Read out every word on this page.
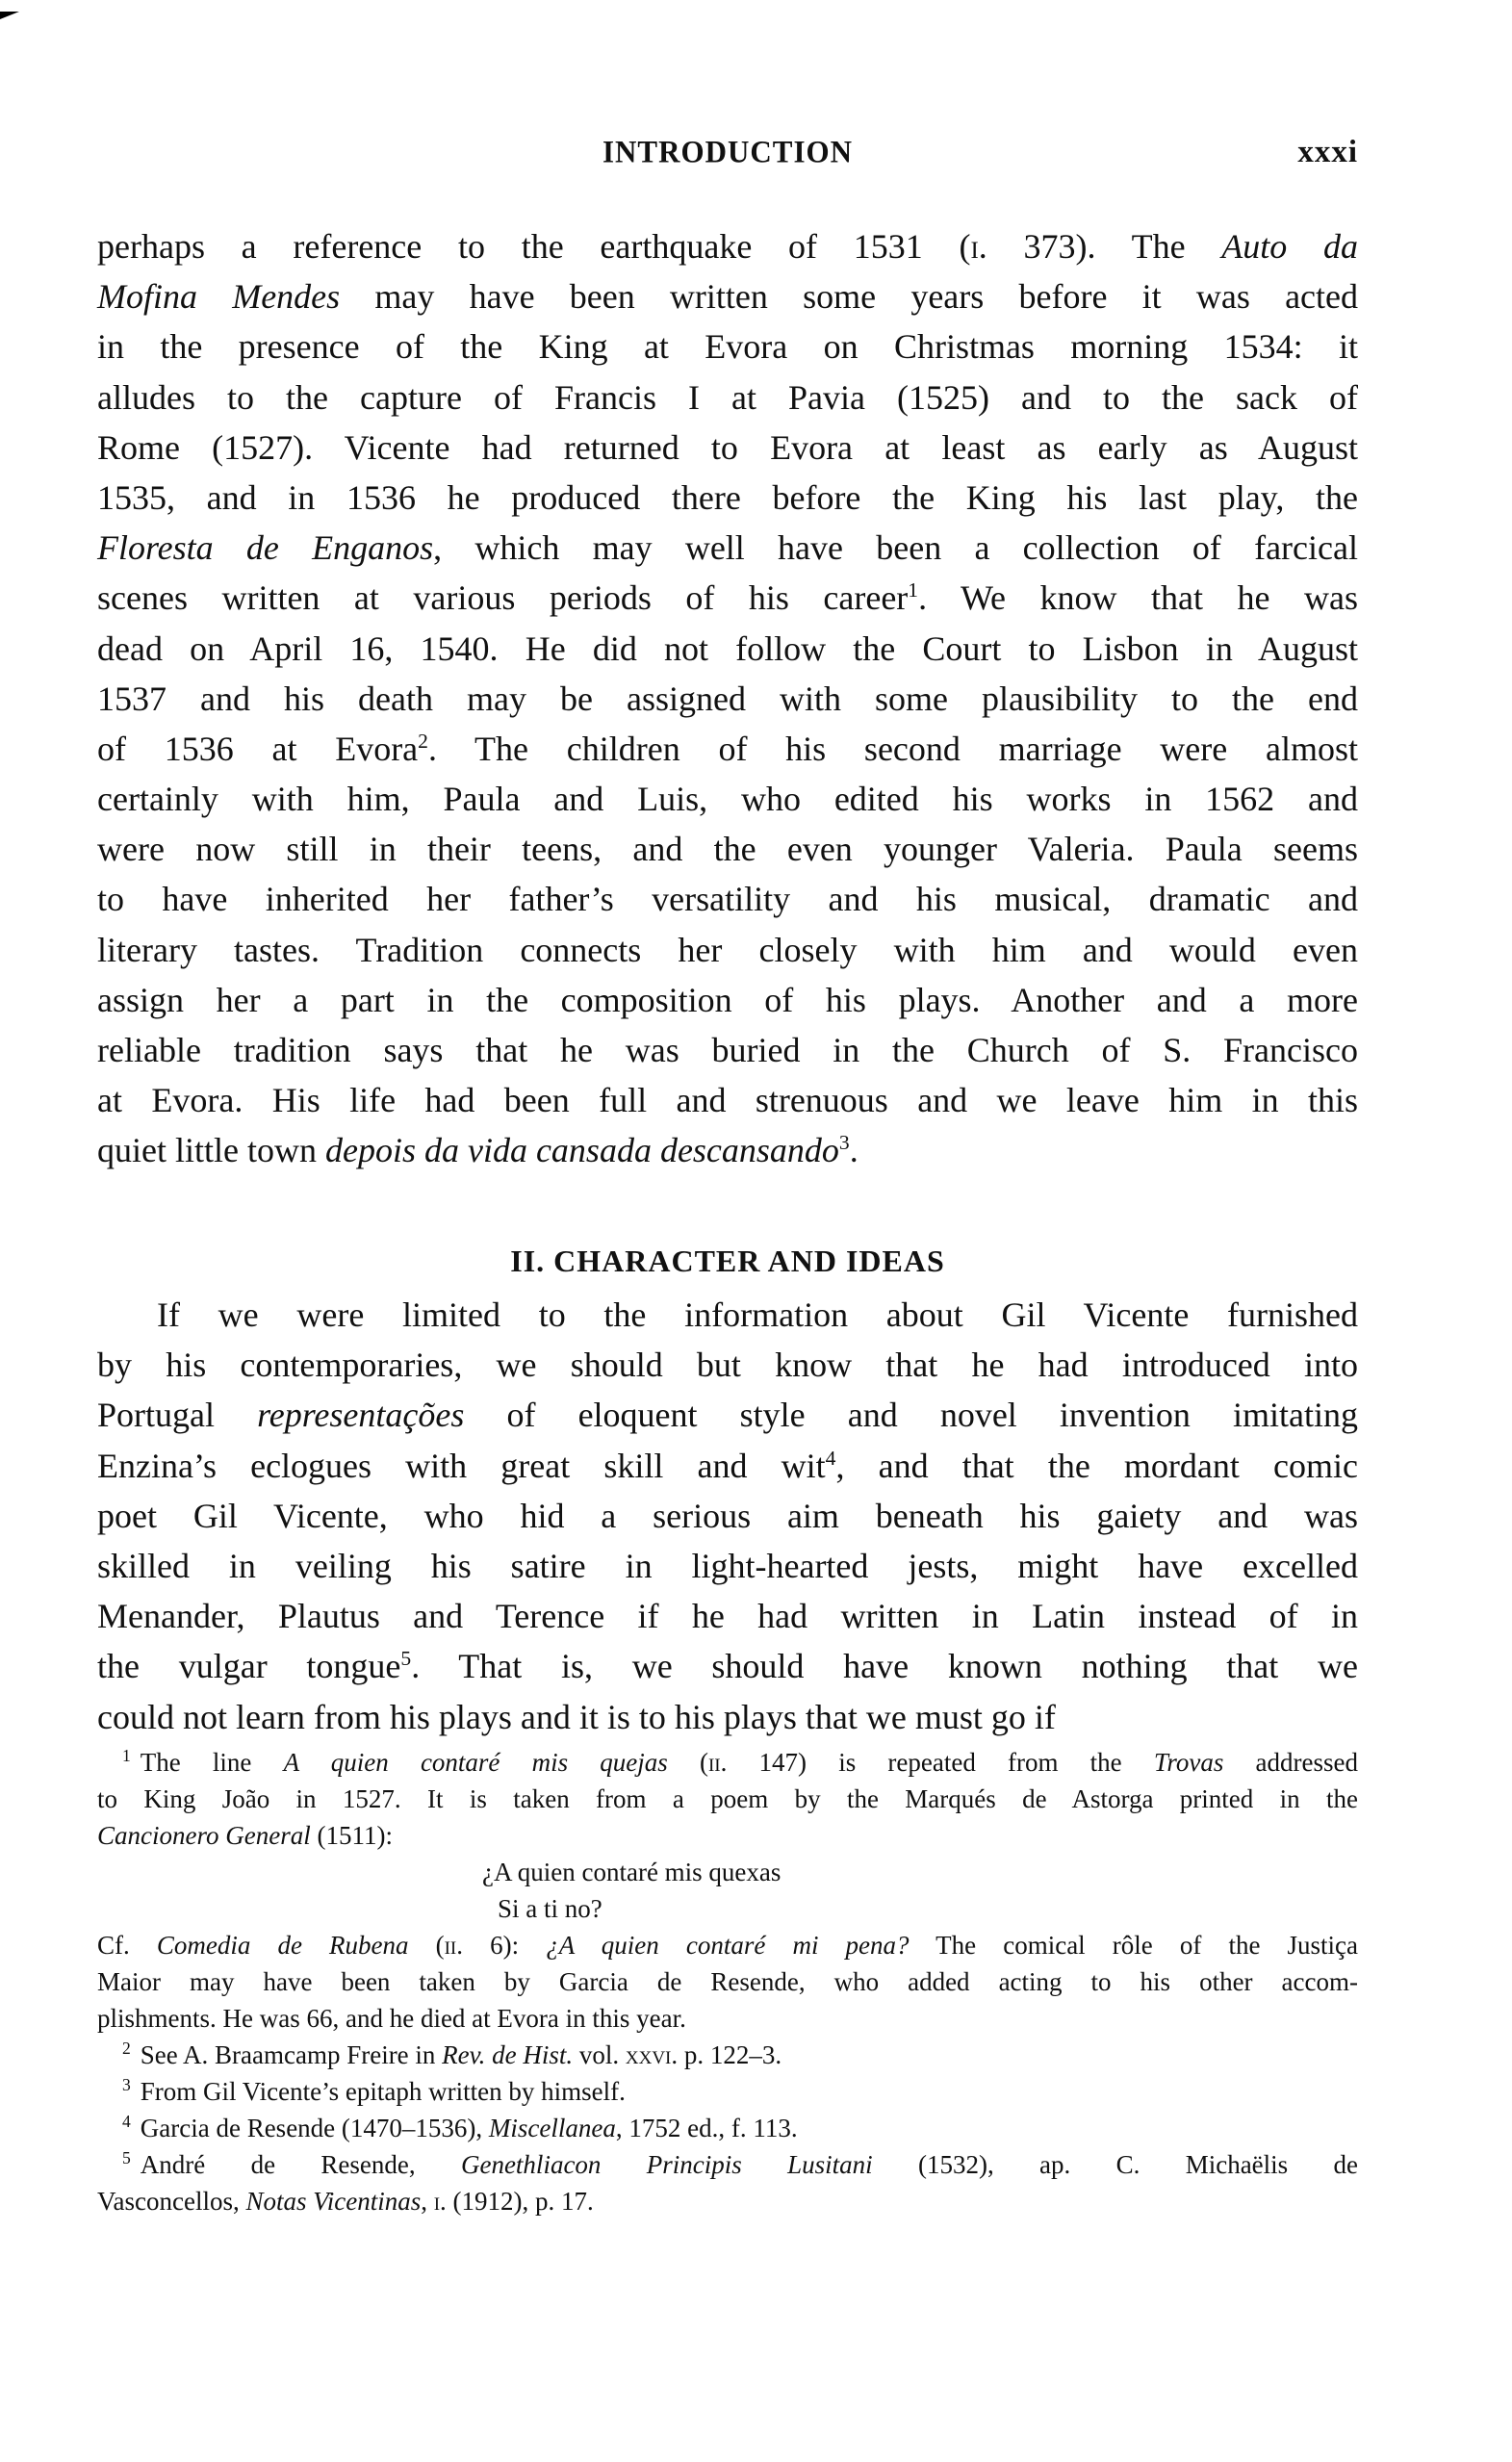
INTRODUCTION	xxxi
perhaps a reference to the earthquake of 1531 (i. 373). The Auto da
Mofina Mendes may have been written some years before it was acted
in the presence of the King at Evora on Christmas morning 1534: it
alludes to the capture of Francis I at Pavia (1525) and to the sack of
Rome (1527). Vicente had returned to Evora at least as early as August
1535, and in 1536 he produced there before the King his last play, the
Floresta de Enganos, which may well have been a collection of farcical
scenes written at various periods of his career$^1$. We know that he was
dead on April 16, 1540. He did not follow the Court to Lisbon in August
1537 and his death may be assigned with some plausibility to the end
of 1536 at Evora$^2$. The children of his second marriage were almost
certainly with him, Paula and Luis, who edited his works in 1562 and
were now still in their teens, and the even younger Valeria. Paula seems
to have inherited her father’s versatility and his musical, dramatic and
literary tastes. Tradition connects her closely with him and would even
assign her a part in the composition of his plays. Another and a more
reliable tradition says that he was buried in the Church of S. Francisco
at Evora. His life had been full and strenuous and we leave him in this
quiet little town depois da vida cansada descansando$^3$.
II. CHARACTER AND IDEAS
If we were limited to the information about Gil Vicente furnished
by his contemporaries, we should but know that he had introduced into
Portugal representações of eloquent style and novel invention imitating
Enzina’s eclogues with great skill and wit$^4$, and that the mordant comic
poet Gil Vicente, who hid a serious aim beneath his gaiety and was
skilled in veiling his satire in light-hearted jests, might have excelled
Menander, Plautus and Terence if he had written in Latin instead of in
the vulgar tongue$^5$. That is, we should have known nothing that we
could not learn from his plays and it is to his plays that we must go if
$^1$ The line A quien contaré mis quejas (ii. 147) is repeated from the Trovas addressed
to King João in 1527. It is taken from a poem by the Marqués de Astorga printed in the
Cancionero General (1511):
¿A quien contaré mis quexas
Si a ti no?
Cf. Comedia de Rubena (ii. 6): ¿A quien contaré mi pena? The comical rôle of the Justiça
Maior may have been taken by Garcia de Resende, who added acting to his other accom-
plishments. He was 66, and he died at Evora in this year.
$^2$ See A. Braamcamp Freire in Rev. de Hist. vol. xxvi. p. 122–3.
$^3$ From Gil Vicente’s epitaph written by himself.
$^4$ Garcia de Resende (1470–1536), Miscellanea, 1752 ed., f. 113.
$^5$ André de Resende, Genethliacon Principis Lusitani (1532), ap. C. Michaëlis de
Vasconcellos, Notas Vicentinas, i. (1912), p. 17.
